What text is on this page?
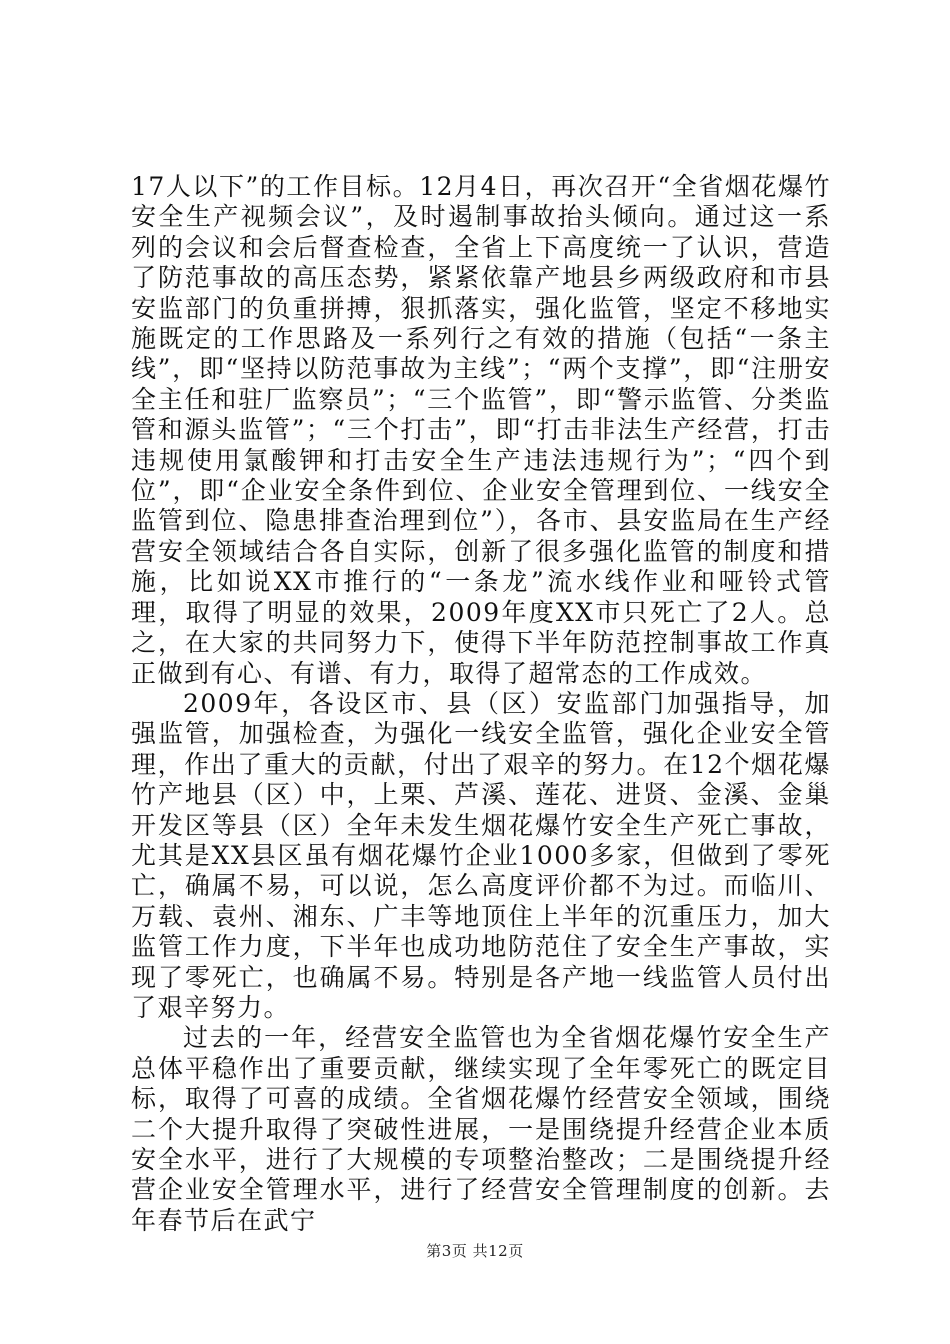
17人以下”的工作目标。12月4日，再次召开“全省烟花爆竹安全生产视频会议”，及时遏制事故抬头倾向。通过这一系列的会议和会后督查检查，全省上下高度统一了认识，营造了防范事故的高压态势，紧紧依靠产地县乡两级政府和市县安监部门的负重拼搏，狠抓落实，强化监管，坚定不移地实施既定的工作思路及一系列行之有效的措施（包括“一条主线”，即“坚持以防范事故为主线”；“两个支撑”，即“注册安全主任和驻厂监察员”；“三个监管”，即“警示监管、分类监管和源头监管”；“三个打击”，即“打击非法生产经营，打击违规使用氯酸钾和打击安全生产违法违规行为”；“四个到位”，即“企业安全条件到位、企业安全管理到位、一线安全监管到位、隐患排查治理到位”），各市、县安监局在生产经营安全领域结合各自实际，创新了很多强化监管的制度和措施，比如说XX市推行的“一条龙”流水线作业和哑铃式管理，取得了明显的效果，2009年度XX市只死亡了2人。总之，在大家的共同努力下，使得下半年防范控制事故工作真正做到有心、有谱、有力，取得了超常态的工作成效。

2009年，各设区市、县（区）安监部门加强指导，加强监管，加强检查，为强化一线安全监管，强化企业安全管理，作出了重大的贡献，付出了艰辛的努力。在12个烟花爆竹产地县（区）中，上栗、芦溪、莲花、进贤、金溪、金巢开发区等县（区）全年未发生烟花爆竹安全生产死亡事故，尤其是XX县区虽有烟花爆竹企业1000多家，但做到了零死亡，确属不易，可以说，怎么高度评价都不为过。而临川、万载、袁州、湘东、广丰等地顶住上半年的沉重压力，加大监管工作力度，下半年也成功地防范住了安全生产事故，实现了零死亡，也确属不易。特别是各产地一线监管人员付出了艰辛努力。

过去的一年，经营安全监管也为全省烟花爆竹安全生产总体平稳作出了重要贡献，继续实现了全年零死亡的既定目标，取得了可喜的成绩。全省烟花爆竹经营安全领域，围绕二个大提升取得了突破性进展，一是围绕提升经营企业本质安全水平，进行了大规模的专项整治整改；二是围绕提升经营企业安全管理水平，进行了经营安全管理制度的创新。去年春节后在武宁

第3页 共12页
